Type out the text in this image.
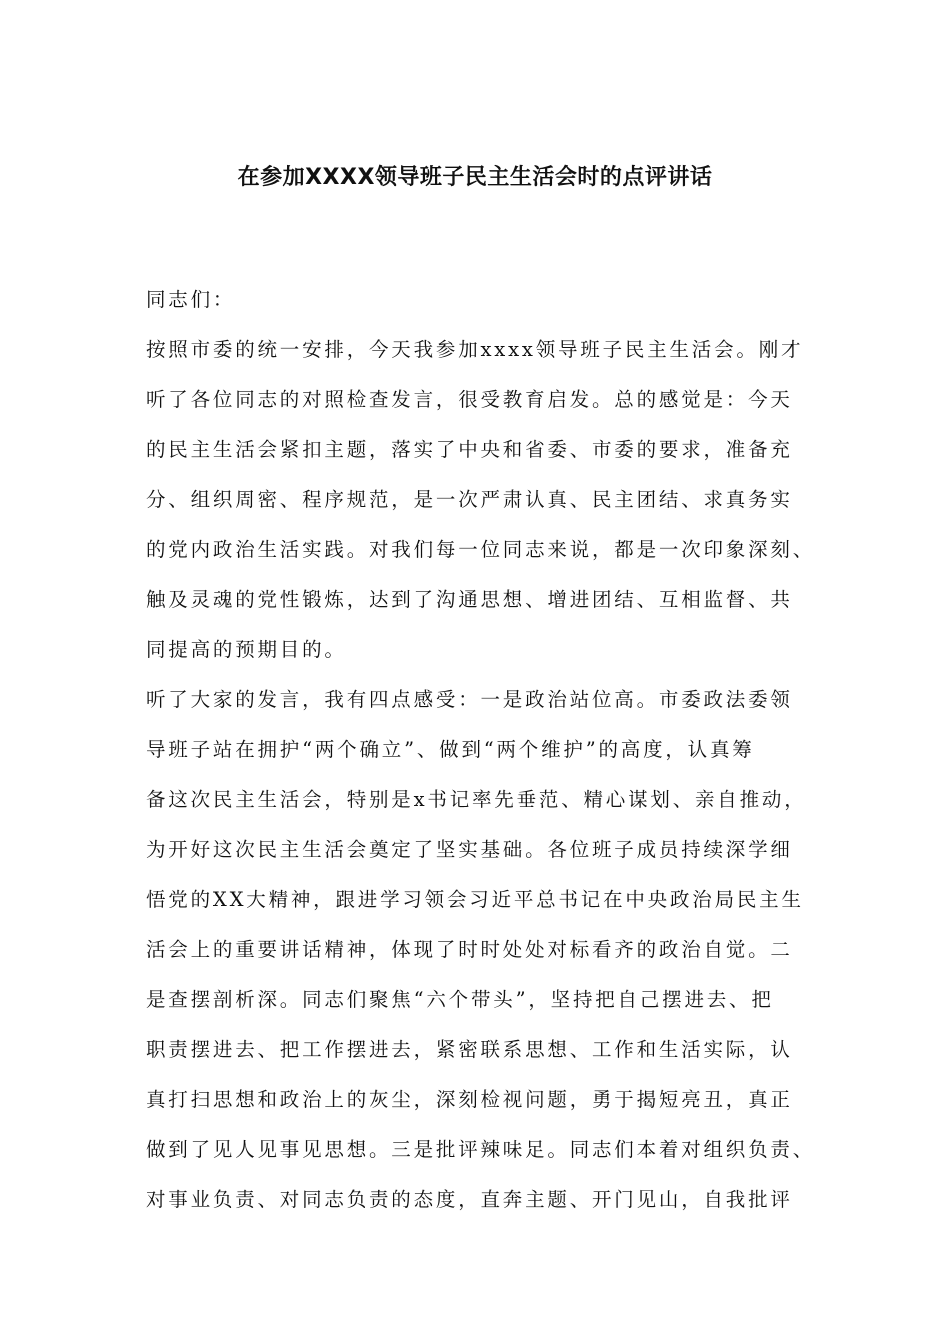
在参加XXXX领导班子民主生活会时的点评讲话
同志们：
按照市委的统一安排，今天我参加xxxx领导班子民主生活会。刚才
听了各位同志的对照检查发言，很受教育启发。总的感觉是：今天
的民主生活会紧扣主题，落实了中央和省委、市委的要求，准备充
分、组织周密、程序规范，是一次严肃认真、民主团结、求真务实
的党内政治生活实践。对我们每一位同志来说，都是一次印象深刻、
触及灵魂的党性锻炼，达到了沟通思想、增进团结、互相监督、共
同提高的预期目的。
听了大家的发言，我有四点感受：一是政治站位高。市委政法委领
导班子站在拥护“两个确立”、做到“两个维护”的高度，认真筹
备这次民主生活会，特别是x书记率先垂范、精心谋划、亲自推动，
为开好这次民主生活会奠定了坚实基础。各位班子成员持续深学细
悟党的XX大精神，跟进学习领会习近平总书记在中央政治局民主生
活会上的重要讲话精神，体现了时时处处对标看齐的政治自觉。二
是查摆剖析深。同志们聚焦“六个带头”，坚持把自己摆进去、把
职责摆进去、把工作摆进去，紧密联系思想、工作和生活实际，认
真打扫思想和政治上的灰尘，深刻检视问题，勇于揭短亮丑，真正
做到了见人见事见思想。三是批评辣味足。同志们本着对组织负责、
对事业负责、对同志负责的态度，直奔主题、开门见山，自我批评
